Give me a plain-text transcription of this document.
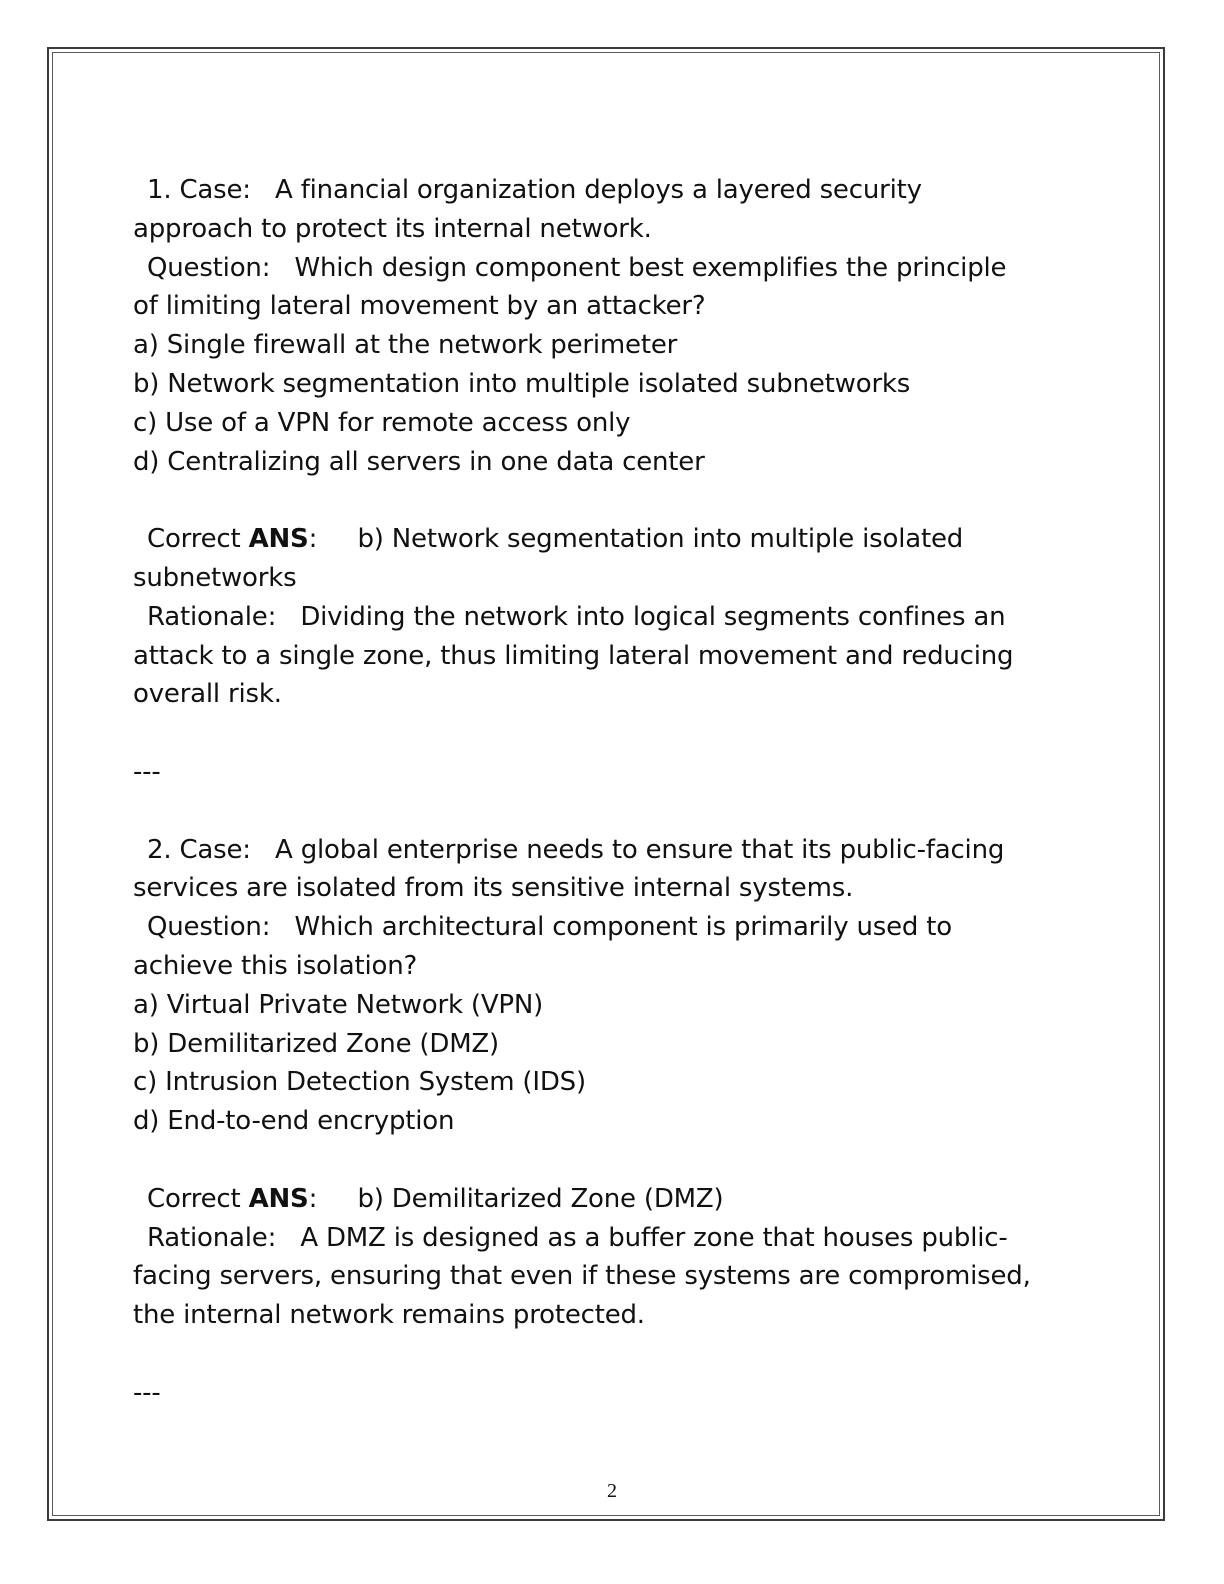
1. Case:   A financial organization deploys a layered security
approach to protect its internal network.
Question:   Which design component best exemplifies the principle
of limiting lateral movement by an attacker?
a) Single firewall at the network perimeter
b) Network segmentation into multiple isolated subnetworks
c) Use of a VPN for remote access only
d) Centralizing all servers in one data center
Correct ANS:     b) Network segmentation into multiple isolated
subnetworks
Rationale:   Dividing the network into logical segments confines an
attack to a single zone, thus limiting lateral movement and reducing
overall risk.
---
2. Case:   A global enterprise needs to ensure that its public-facing
services are isolated from its sensitive internal systems.
Question:   Which architectural component is primarily used to
achieve this isolation?
a) Virtual Private Network (VPN)
b) Demilitarized Zone (DMZ)
c) Intrusion Detection System (IDS)
d) End-to-end encryption
Correct ANS:     b) Demilitarized Zone (DMZ)
Rationale:   A DMZ is designed as a buffer zone that houses public-
facing servers, ensuring that even if these systems are compromised,
the internal network remains protected.
---
2
